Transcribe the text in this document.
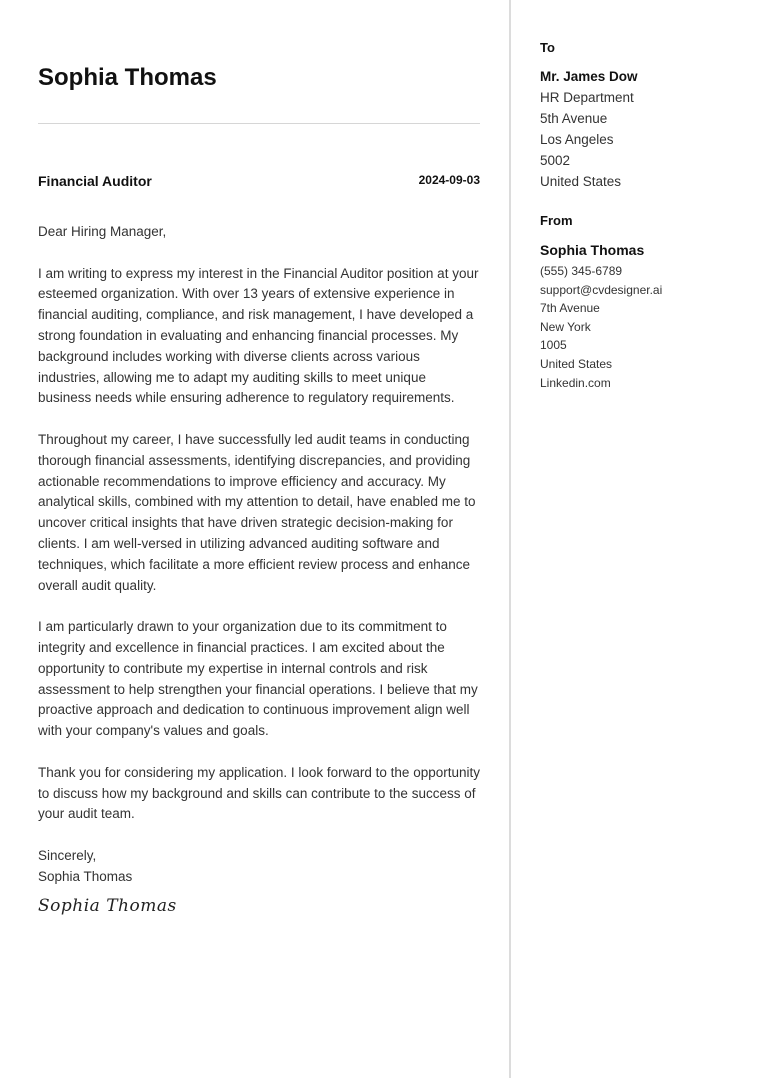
Sophia Thomas
Financial Auditor	2024-09-03

Dear Hiring Manager,

I am writing to express my interest in the Financial Auditor position at your esteemed organization. With over 13 years of extensive experience in financial auditing, compliance, and risk management, I have developed a strong foundation in evaluating and enhancing financial processes. My background includes working with diverse clients across various industries, allowing me to adapt my auditing skills to meet unique business needs while ensuring adherence to regulatory requirements.

Throughout my career, I have successfully led audit teams in conducting thorough financial assessments, identifying discrepancies, and providing actionable recommendations to improve efficiency and accuracy. My analytical skills, combined with my attention to detail, have enabled me to uncover critical insights that have driven strategic decision-making for clients. I am well-versed in utilizing advanced auditing software and techniques, which facilitate a more efficient review process and enhance overall audit quality.

I am particularly drawn to your organization due to its commitment to integrity and excellence in financial practices. I am excited about the opportunity to contribute my expertise in internal controls and risk assessment to help strengthen your financial operations. I believe that my proactive approach and dedication to continuous improvement align well with your company's values and goals.

Thank you for considering my application. I look forward to the opportunity to discuss how my background and skills can contribute to the success of your audit team.

Sincerely,
Sophia Thomas

Sophia Thomas
To
Mr. James Dow
HR Department
5th Avenue
Los Angeles
5002
United States
From
Sophia Thomas
(555) 345-6789
support@cvdesigner.ai
7th Avenue
New York
1005
United States
Linkedin.com
